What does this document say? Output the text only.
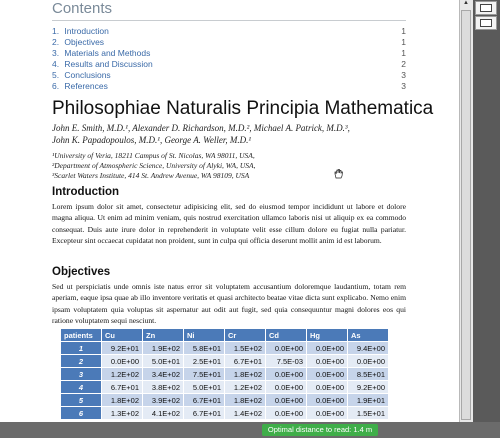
Contents
1. Introduction	1
2. Objectives	1
3. Materials and Methods	1
4. Results and Discussion	2
5. Conclusions	3
6. References	3
Philosophiae Naturalis Principia Mathematica
John E. Smith, M.D.¹, Alexander D. Richardson, M.D.², Michael A. Patrick, M.D.³,
John K. Papadopoulos, M.D.¹, George A. Weller, M.D.¹
¹University of Veria, 18211 Campus of St. Nicolas, WA 98011, USA,
²Department of Atmospheric Science, University of Alyki, WA, USA,
³Scarlet Waters Institute, 414 St. Andrew Avenue, WA 98109, USA
Introduction
Lorem ipsum dolor sit amet, consectetur adipisicing elit, sed do eiusmod tempor incididunt ut labore et dolore magna aliqua. Ut enim ad minim veniam, quis nostrud exercitation ullamco laboris nisi ut aliquip ex ea commodo consequat. Duis aute irure dolor in reprehenderit in voluptate velit esse cillum dolore eu fugiat nulla pariatur. Excepteur sint occaecat cupidatat non proident, sunt in culpa qui officia deserunt mollit anim id est laborum.
Objectives
Sed ut perspiciatis unde omnis iste natus error sit voluptatem accusantium doloremque laudantium, totam rem aperiam, eaque ipsa quae ab illo inventore veritatis et quasi architecto beatae vitae dicta sunt explicabo. Nemo enim ipsam voluptatem quia voluptas sit aspernatur aut odit aut fugit, sed quia consequuntur magni dolores eos qui ratione voluptatem sequi nesciunt.
patients	Cu	Zn	Ni	Cr	Cd	Hg	As
1	9.2E+01	1.9E+02	5.8E+01	1.5E+02	0.0E+00	0.0E+00	9.4E+00
2	0.0E+00	5.0E+01	2.5E+01	6.7E+01	7.5E-03	0.0E+00	0.0E+00
3	1.2E+02	3.4E+02	7.5E+01	1.8E+02	0.0E+00	0.0E+00	8.5E+01
4	6.7E+01	3.8E+02	5.0E+01	1.2E+02	0.0E+00	0.0E+00	9.2E+00
5	1.8E+02	3.9E+02	6.7E+01	1.8E+02	0.0E+00	0.0E+00	1.9E+01
6	1.3E+02	4.1E+02	6.7E+01	1.4E+02	0.0E+00	0.0E+00	1.5E+01
▲
Optimal distance to read: 1.4 m
